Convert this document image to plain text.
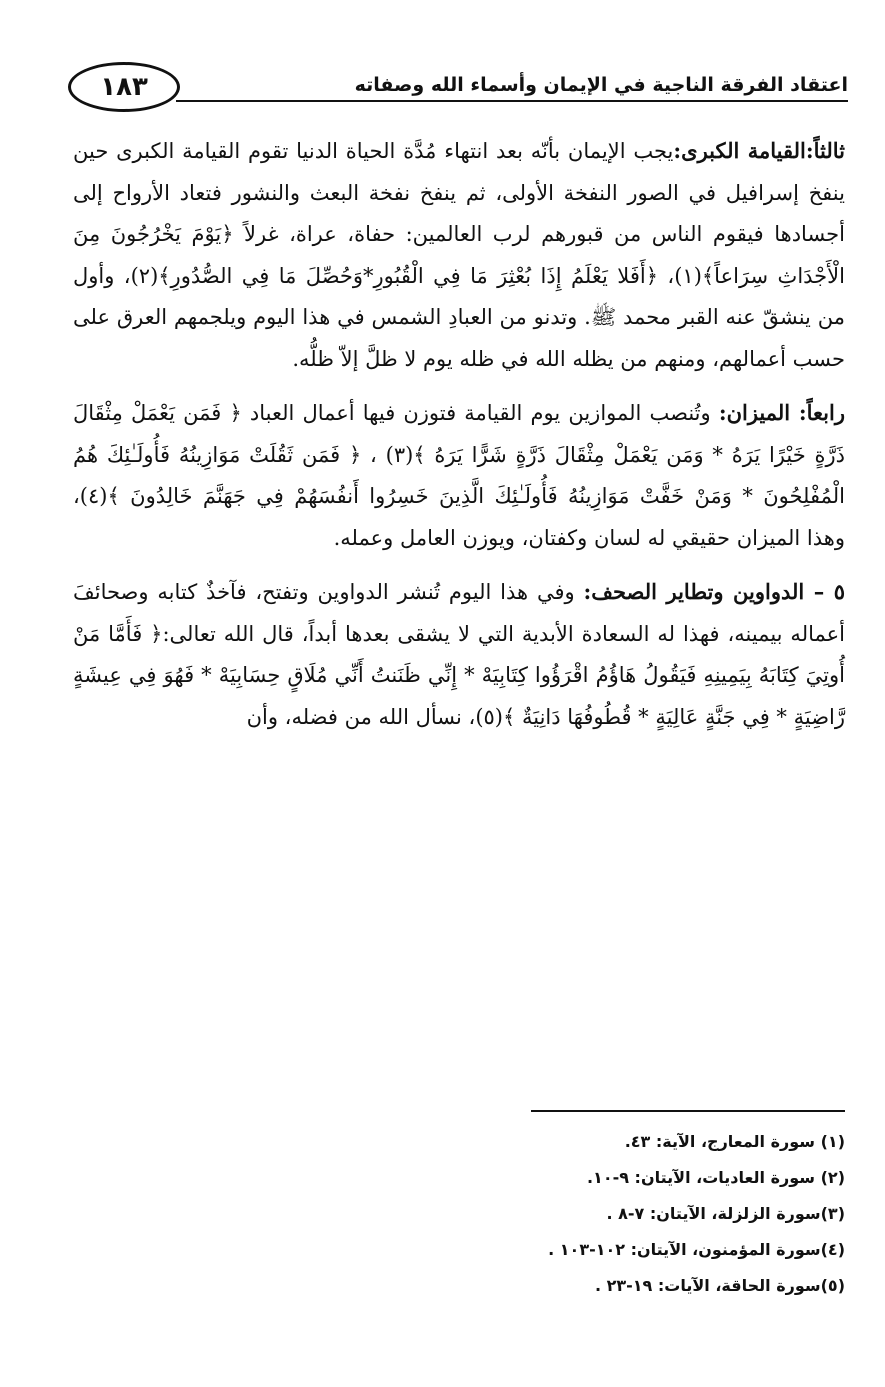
اعتقاد الفرقة الناجية في الإيمان وأسماء الله وصفاته
١٨٣

ثالثاً:القيامة الكبرى:يجب الإيمان بأنّه بعد انتهاء مُدَّة الحياة الدنيا تقوم القيامة الكبرى حين ينفخ إسرافيل في الصور النفخة الأولى، ثم ينفخ نفخة البعث والنشور فتعاد الأرواح إلى أجسادها فيقوم الناس من قبورهم لرب العالمين: حفاة، عراة، غرلاً ﴿يَوْمَ يَخْرُجُونَ مِنَ الْأَجْدَاثِ سِرَاعاً﴾(١)، ﴿أَفَلا يَعْلَمُ إِذَا بُعْثِرَ مَا فِي الْقُبُورِ*وَحُصِّلَ مَا فِي الصُّدُورِ﴾(٢)، وأول من ينشقّ عنه القبر محمد ﷺ. وتدنو من العبادِ الشمس في هذا اليوم ويلجمهم العرق على حسب أعمالهم، ومنهم من يظله الله في ظله يوم لا ظلَّ إلاّ ظلُّه.

رابعاً: الميزان: وتُنصب الموازين يوم القيامة فتوزن فيها أعمال العباد ﴿ فَمَن يَعْمَلْ مِثْقَالَ ذَرَّةٍ خَيْرًا يَرَهُ * وَمَن يَعْمَلْ مِثْقَالَ ذَرَّةٍ شَرًّا يَرَهُ ﴾(٣) ، ﴿ فَمَن ثَقُلَتْ مَوَازِينُهُ فَأُولَـٰئِكَ هُمُ الْمُفْلِحُونَ * وَمَنْ خَفَّتْ مَوَازِينُهُ فَأُولَـٰئِكَ الَّذِينَ خَسِرُوا أَنفُسَهُمْ فِي جَهَنَّمَ خَالِدُونَ ﴾(٤)، وهذا الميزان حقيقي له لسان وكفتان، ويوزن العامل وعمله.

٥ – الدواوين وتطاير الصحف: وفي هذا اليوم تُنشر الدواوين وتفتح، فآخذٌ كتابه وصحائفَ أعماله بيمينه، فهذا له السعادة الأبدية التي لا يشقى بعدها أبداً، قال الله تعالى:﴿ فَأَمَّا مَنْ أُوتِيَ كِتَابَهُ بِيَمِينِهِ فَيَقُولُ هَاؤُمُ اقْرَؤُوا كِتَابِيَهْ * إِنِّي ظَنَنتُ أَنِّي مُلَاقٍ حِسَابِيَهْ * فَهُوَ فِي عِيشَةٍ رَّاضِيَةٍ * فِي جَنَّةٍ عَالِيَةٍ * قُطُوفُهَا دَانِيَةٌ ﴾(٥)، نسأل الله من فضله، وأن

(١) سورة المعارج، الآية: ٤٣.
(٢) سورة العاديات، الآيتان: ٩-١٠.
(٣)سورة الزلزلة، الآيتان: ٧-٨ .
(٤)سورة المؤمنون، الآيتان: ١٠٢-١٠٣ .
(٥)سورة الحاقة، الآيات: ١٩-٢٣ .
